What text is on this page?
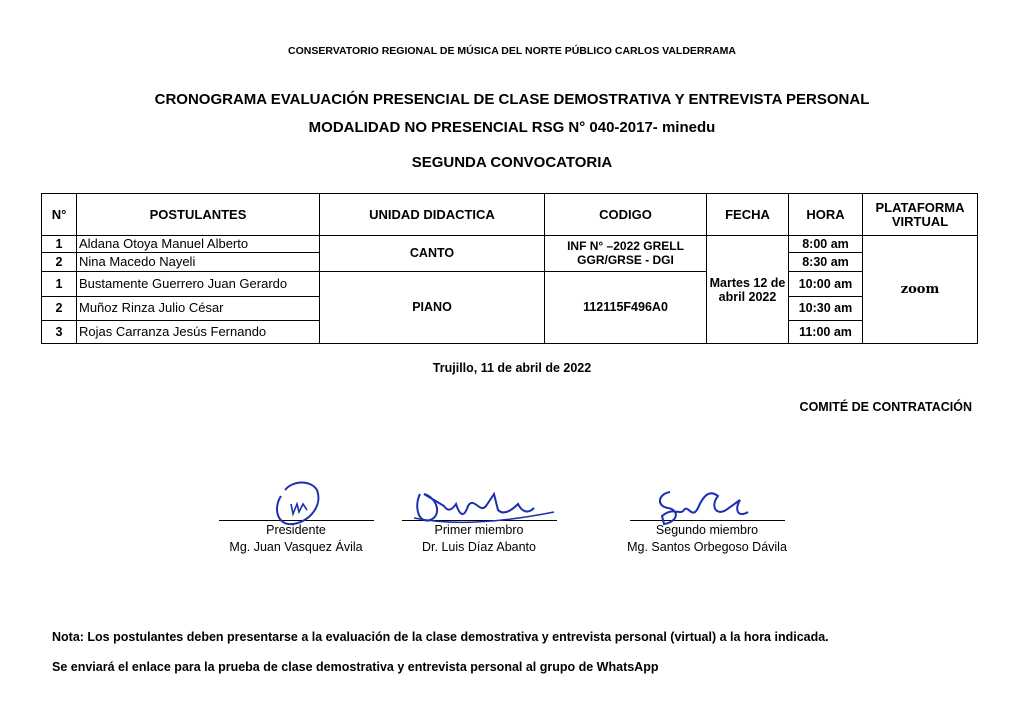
CONSERVATORIO REGIONAL DE MÚSICA DEL NORTE PÚBLICO CARLOS VALDERRAMA
CRONOGRAMA EVALUACIÓN PRESENCIAL DE CLASE DEMOSTRATIVA Y ENTREVISTA PERSONAL
MODALIDAD NO PRESENCIAL RSG N° 040-2017- minedu
SEGUNDA CONVOCATORIA
N°	POSTULANTES	UNIDAD DIDACTICA	CODIGO	FECHA	HORA	PLATAFORMA VIRTUAL
1	Aldana Otoya Manuel Alberto	CANTO	INF N° –2022 GRELL GGR/GRSE - DGI	Martes 12 de abril 2022	8:00 am	zoom
2	Nina Macedo Nayeli				8:30 am	
1	Bustamente Guerrero Juan Gerardo	PIANO	112115F496A0		10:00 am	
2	Muñoz Rinza Julio César				10:30 am	
3	Rojas Carranza Jesús Fernando				11:00 am	
Trujillo, 11 de abril de 2022
COMITÉ DE CONTRATACIÓN
Presidente
Mg. Juan Vasquez Ávila
Primer miembro
Dr. Luis Díaz Abanto
Segundo miembro
Mg. Santos Orbegoso Dávila
Nota: Los postulantes deben presentarse a la evaluación de la clase demostrativa y entrevista personal (virtual) a la hora indicada.
Se enviará el enlace para la prueba de clase demostrativa y entrevista personal al grupo de WhatsApp
